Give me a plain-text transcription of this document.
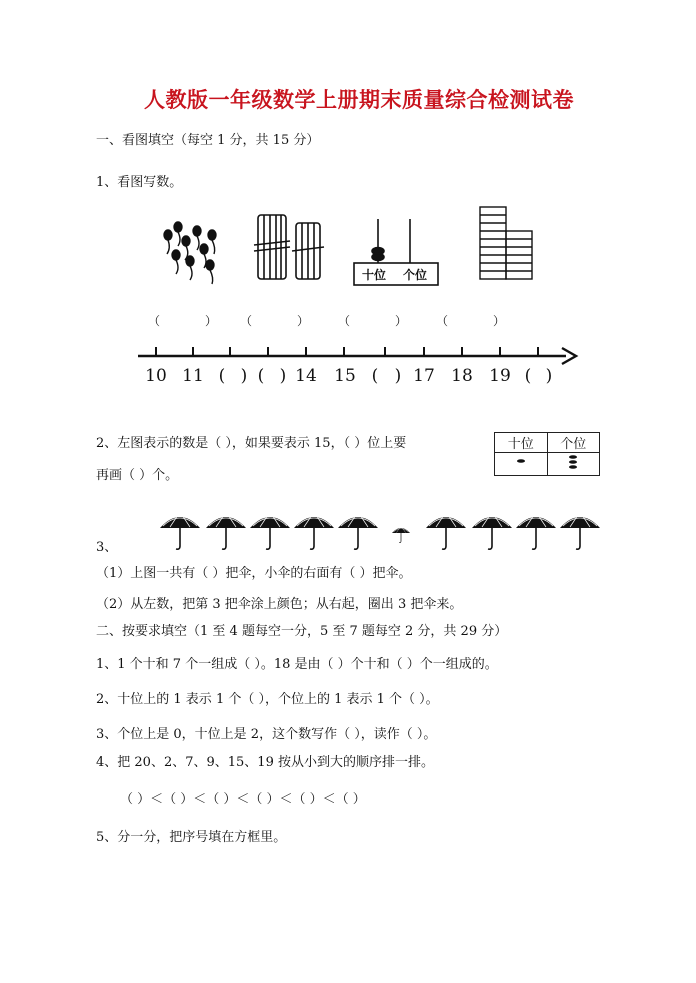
人教版一年级数学上册期末质量综合检测试卷
一、看图填空（每空 1 分，共 15 分）
1、看图写数。
十位 个位
（	） （	） （	） （	）
10 11 ( ) ( ) 14 15 ( ) 17 18 19 ( )
2、左图表示的数是（ ），如果要表示 15，（ ）位上要
再画（ ）个。
十位	个位

3、
（1）上图一共有（ ）把伞，小伞的右面有（ ）把伞。
（2）从左数，把第 3 把伞涂上颜色；从右起，圈出 3 把伞来。
二、按要求填空（1 至 4 题每空一分，5 至 7 题每空 2 分，共 29 分）
1、1 个十和 7 个一组成（ ）。18 是由（ ）个十和（ ）个一组成的。
2、十位上的 1 表示 1 个（ ），个位上的 1 表示 1 个（ ）。
3、个位上是 0，十位上是 2，这个数写作（ ），读作（ ）。
4、把 20、2、7、9、15、19 按从小到大的顺序排一排。
（ ）＜（ ）＜（ ）＜（ ）＜（ ）＜（ ）
5、分一分，把序号填在方框里。
